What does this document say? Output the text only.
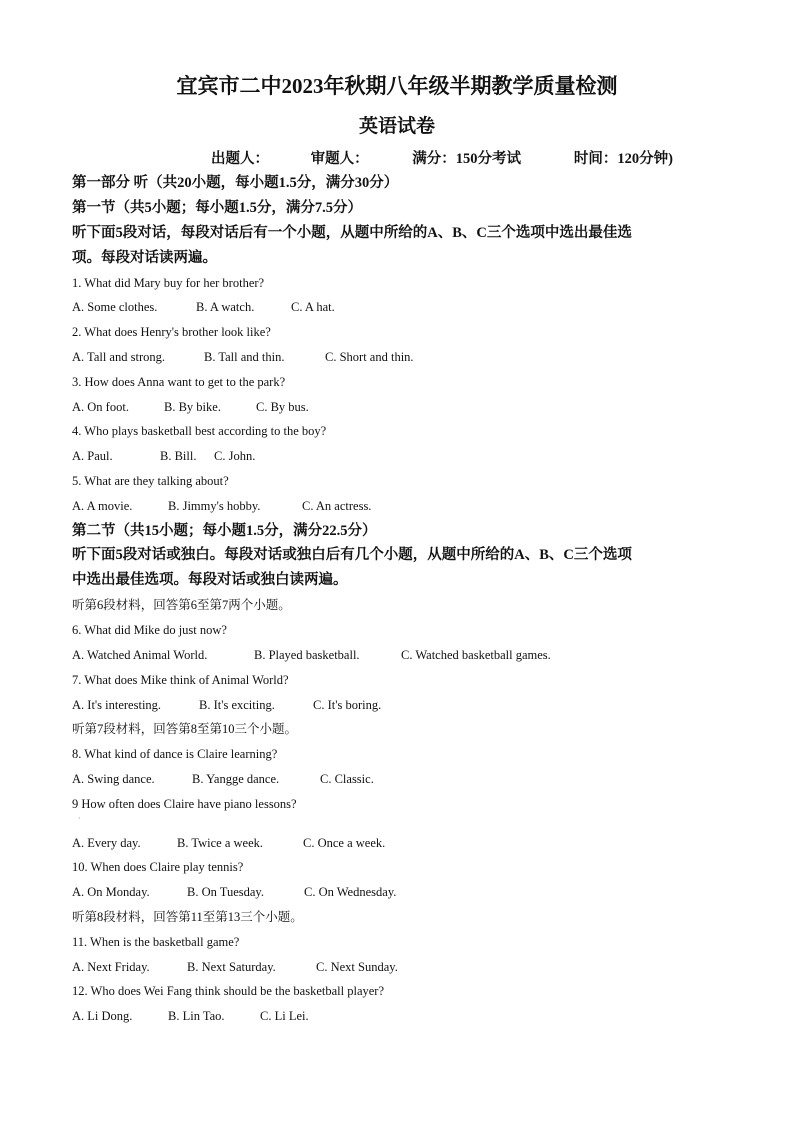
宜宾市二中2023年秋期八年级半期教学质量检测
英语试卷
出题人：	审题人：	满分：150分考试	时间：120分钟)
第一部分 听（共20小题，每小题1.5分，满分30分）
第一节（共5小题；每小题1.5分，满分7.5分）
听下面5段对话，每段对话后有一个小题，从题中所给的A、B、C三个选项中选出最佳选
项。每段对话读两遍。
1. What did Mary buy for her brother?
A. Some clothes.	B. A watch.	C. A hat.
2. What does Henry's brother look like?
A. Tall and strong.	B. Tall and thin.	C. Short and thin.
3. How does Anna want to get to the park?
A. On foot.	B. By bike.	C. By bus.
4. Who plays basketball best according to the boy?
A. Paul.	B. Bill. C. John.
5. What are they talking about?
A. A movie.	B. Jimmy's hobby.	C. An actress.
第二节（共15小题；每小题1.5分，满分22.5分）
听下面5段对话或独白。每段对话或独白后有几个小题，从题中所给的A、B、C三个选项
中选出最佳选项。每段对话或独白读两遍。
听第6段材料，回答第6至第7两个小题。
6. What did Mike do just now?
A. Watched Animal World.	B. Played basketball.	C. Watched basketball games.
7. What does Mike think of Animal World?
A. It's interesting.	B. It's exciting.	C. It's boring.
听第7段材料，回答第8至第10三个小题。
8. What kind of dance is Claire learning?
A. Swing dance.	B. Yangge dance.	C. Classic.
9 How often does Claire have piano lessons?
A. Every day.	B. Twice a week.	C. Once a week.
10. When does Claire play tennis?
A. On Monday.	B. On Tuesday.	C. On Wednesday.
听第8段材料，回答第11至第13三个小题。
11. When is the basketball game?
A. Next Friday.	B. Next Saturday.	C. Next Sunday.
12. Who does Wei Fang think should be the basketball player?
A. Li Dong.	B. Lin Tao.	C. Li Lei.
·
